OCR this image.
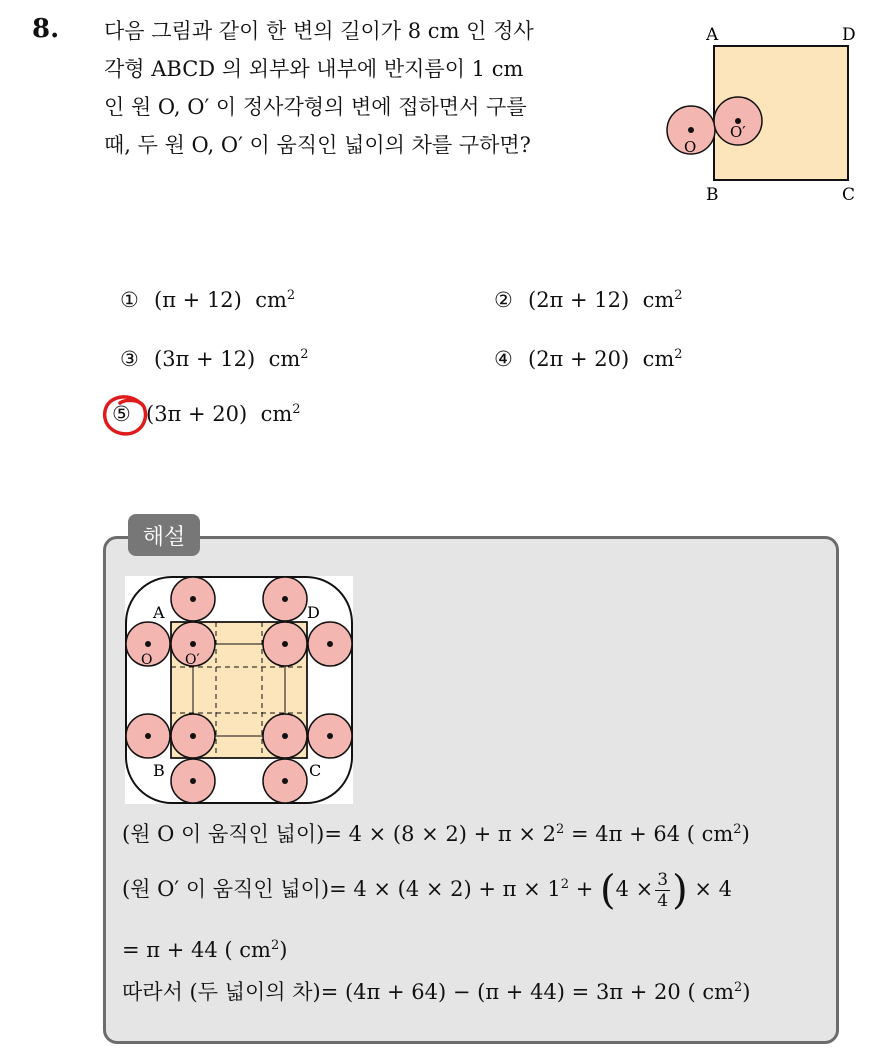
8. 다음 그림과 같이 한 변의 길이가 8 cm 인 정사
각형 ABCD 의 외부와 내부에 반지름이 1 cm
인 원 O, O′ 이 정사각형의 변에 접하면서 구를
때, 두 원 O, O′ 이 움직인 넓이의 차를 구하면?
A	D
B	C
O
O′
① (π + 12) $cm^2$	② (2π + 12) $cm^2$
③ (3π + 12) $cm^2$	④ (2π + 20) $cm^2$
⑤ (3π + 20) $cm^2$
해설
A	D
B	C
O O′
(원 O 이 움직인 넓이)= $4 \times (8 \times 2) + \pi \times 2^2 = 4\pi + 64$ ( $cm^2$)
(원 O′ 이 움직인 넓이)= $4 \times (4 \times 2) + \pi \times 1^2 + (4 \times \frac{3}{4}$ ) × 4
= π + 44 ( $cm^2$)
따라서 (두 넓이의 차)= (4π + 64) − (π + 44) = 3π + 20 ( $cm^2$)
